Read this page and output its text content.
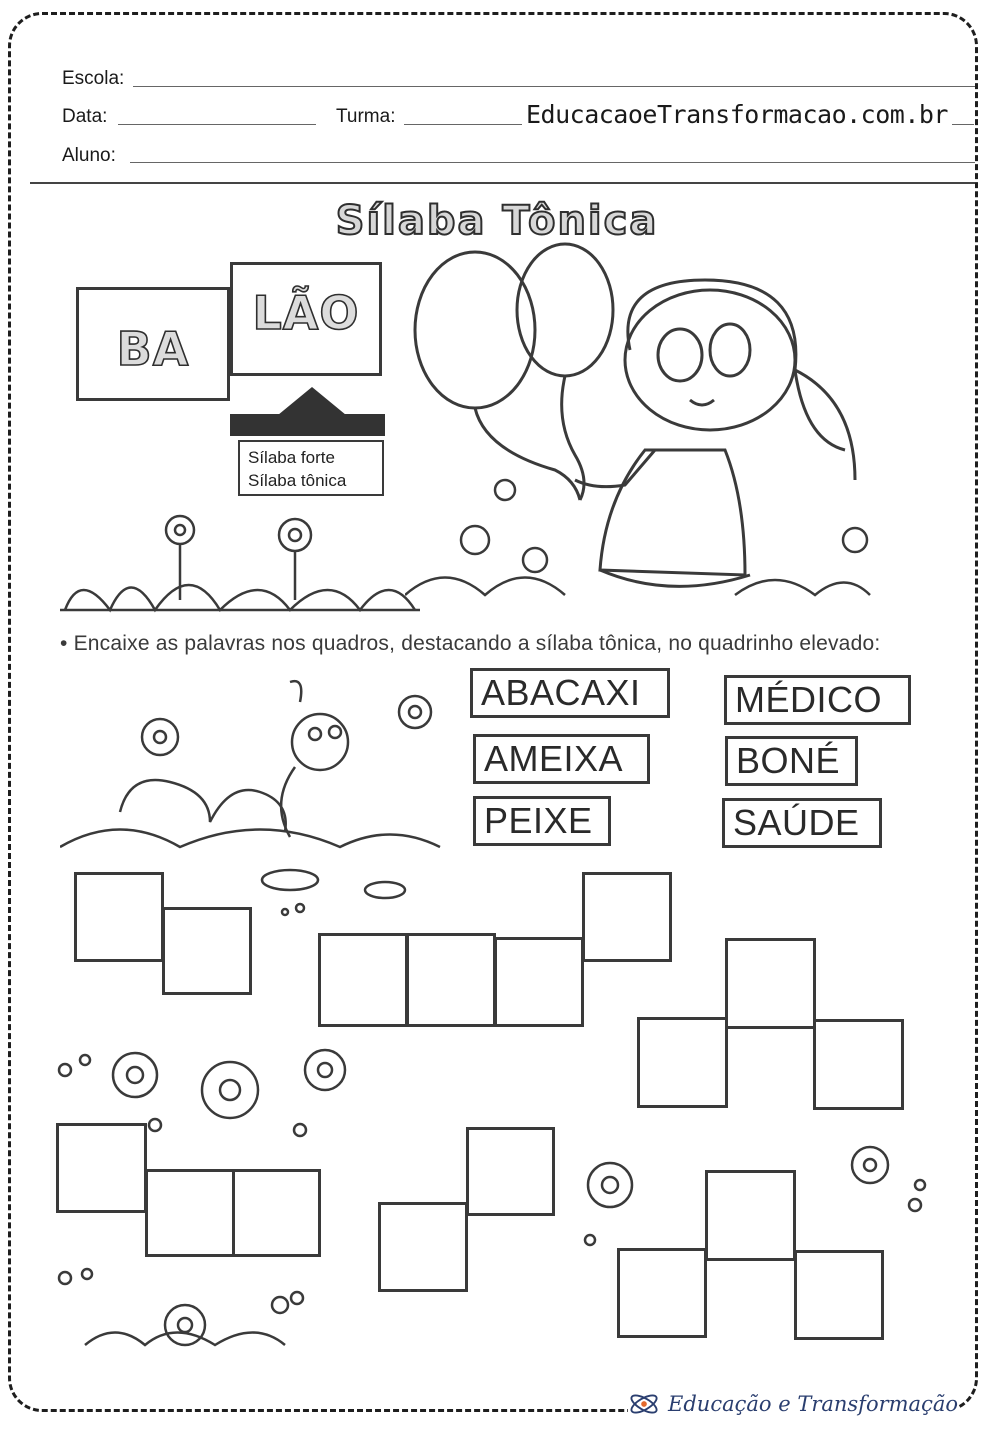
Escola:
Data:	Turma:	EducacaoeTransformacao.com.br
Aluno:
Sílaba Tônica
BA
LÃO
Sílaba forte
Sílaba tônica
• Encaixe as palavras nos quadros, destacando a sílaba tônica, no quadrinho elevado:
ABACAXI	MÉDICO
AMEIXA	BONÉ
PEIXE	SAÚDE
Educação e Transformação
